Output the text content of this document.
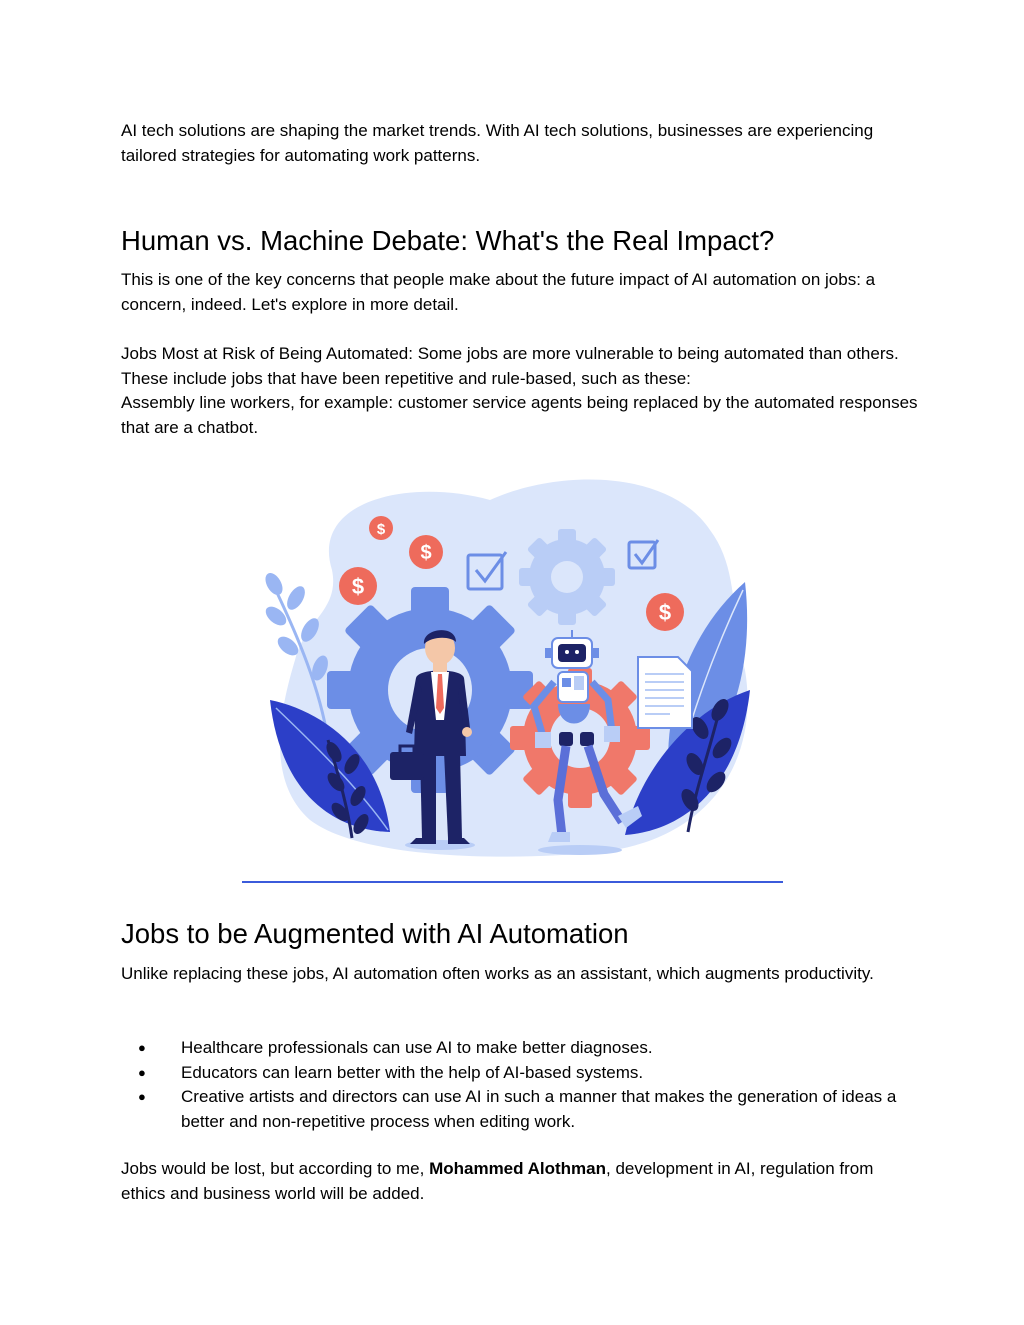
AI tech solutions are shaping the market trends. With AI tech solutions, businesses are experiencing tailored strategies for automating work patterns.

Human vs. Machine Debate: What's the Real Impact?

This is one of the key concerns that people make about the future impact of AI automation on jobs: a concern, indeed. Let's explore in more detail.

Jobs Most at Risk of Being Automated: Some jobs are more vulnerable to being automated than others. These include jobs that have been repetitive and rule-based, such as these:

Assembly line workers, for example: customer service agents being replaced by the automated responses that are a chatbot.

$
$
$
$
Jobs to be Augmented with AI Automation

Unlike replacing these jobs, AI automation often works as an assistant, which augments productivity.

● Healthcare professionals can use AI to make better diagnoses.
● Educators can learn better with the help of AI-based systems.
● Creative artists and directors can use AI in such a manner that makes the generation of ideas a better and non-repetitive process when editing work.

Jobs would be lost, but according to me, Mohammed Alothman, development in AI, regulation from ethics and business world will be added.
